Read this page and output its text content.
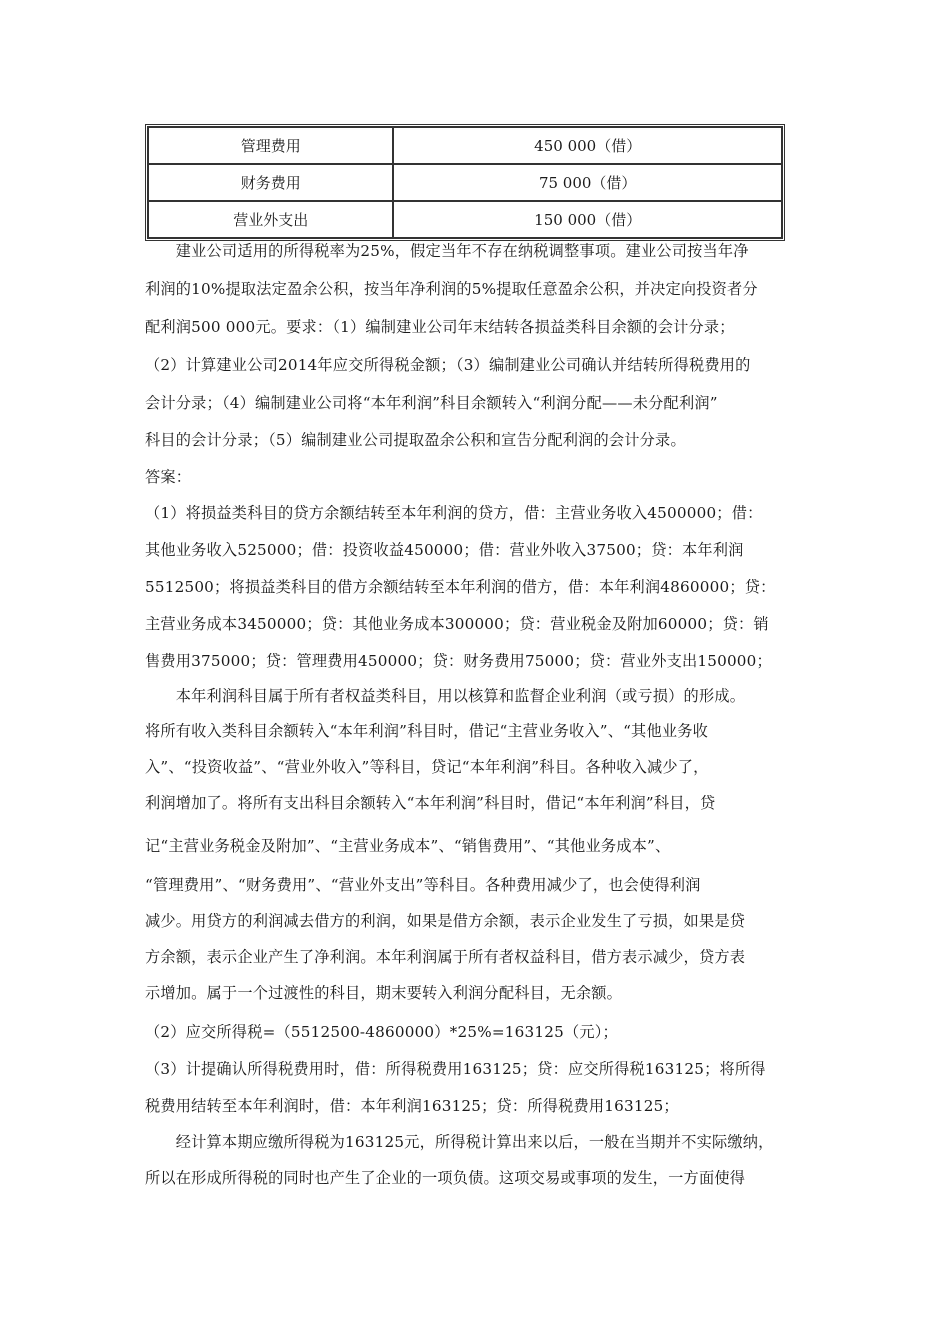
管理费用	450 000（借）
财务费用	75 000（借）
营业外支出	150 000（借）
　　建业公司适用的所得税率为25%，假定当年不存在纳税调整事项。建业公司按当年净
利润的10%提取法定盈余公积，按当年净利润的5%提取任意盈余公积，并决定向投资者分
配利润500 000元。要求：（1）编制建业公司年末结转各损益类科目余额的会计分录；
（2）计算建业公司2014年应交所得税金额；（3）编制建业公司确认并结转所得税费用的
会计分录；（4）编制建业公司将“本年利润”科目余额转入“利润分配——未分配利润”
科目的会计分录；（5）编制建业公司提取盈余公积和宣告分配利润的会计分录。
答案：
（1）将损益类科目的贷方余额结转至本年利润的贷方，借：主营业务收入4500000；借：
其他业务收入525000；借：投资收益450000；借：营业外收入37500；贷：本年利润
5512500；将损益类科目的借方余额结转至本年利润的借方，借：本年利润4860000；贷：
主营业务成本3450000；贷：其他业务成本300000；贷：营业税金及附加60000；贷：销
售费用375000；贷：管理费用450000；贷：财务费用75000；贷：营业外支出150000；
　　本年利润科目属于所有者权益类科目，用以核算和监督企业利润（或亏损）的形成。
将所有收入类科目余额转入“本年利润”科目时，借记“主营业务收入”、“其他业务收
入”、“投资收益”、“营业外收入”等科目，贷记“本年利润”科目。各种收入减少了，
利润增加了。将所有支出科目余额转入“本年利润”科目时，借记“本年利润”科目，贷
记“主营业务税金及附加”、“主营业务成本”、“销售费用”、“其他业务成本”、
“管理费用”、“财务费用”、“营业外支出”等科目。各种费用减少了，也会使得利润
减少。用贷方的利润减去借方的利润，如果是借方余额，表示企业发生了亏损，如果是贷
方余额，表示企业产生了净利润。本年利润属于所有者权益科目，借方表示减少，贷方表
示增加。属于一个过渡性的科目，期末要转入利润分配科目，无余额。
（2）应交所得税=（5512500-4860000）*25%=163125（元）；
（3）计提确认所得税费用时，借：所得税费用163125；贷：应交所得税163125；将所得
税费用结转至本年利润时，借：本年利润163125；贷：所得税费用163125；
　　经计算本期应缴所得税为163125元，所得税计算出来以后，一般在当期并不实际缴纳，
所以在形成所得税的同时也产生了企业的一项负债。这项交易或事项的发生，一方面使得
